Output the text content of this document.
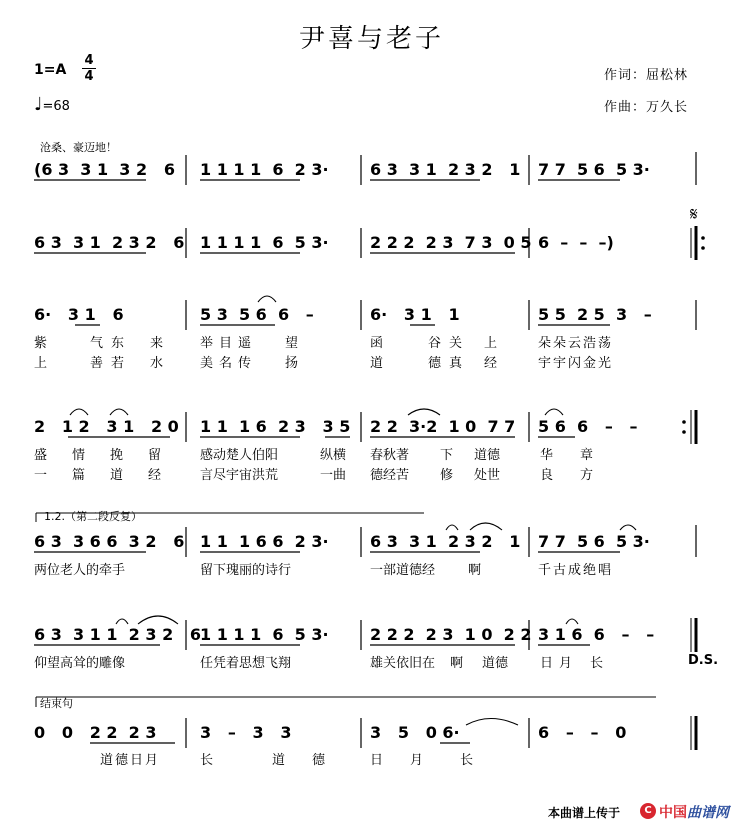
尹喜与老子
1=A
4
4
♩=68
作词：屈松林
作曲：万久长
沧桑、豪迈地！
1.2.（第二段反复）
结束句
𝄋
D.S.
(6 3  3 1  3 2   6 1 1 1 1  6  2 3·	6 3  3 1  2 3 2   1 7 7  5 6  5 3·
6 3  3 1  2 3 2   6 1 1 1 1  6  5 3·	2 2 2  2 3  7 3  0 5 6  –  –  –)
6·   3 1   6	5 3  5 6  6   –	6·   3 1   1	5 5  2 5  3   –
2   1 2   3 1   2 0 1 1  1 6  2 3   3 5 2 2  3·2  1 0  7 7 5 6  6   –   –
6 3  3 6 6  3 2   6 1 1  1 6 6  2 3·	6 3  3 1  2 3 2   1 7 7  5 6  5 3·
6 3  3 1 1  2 3 2   6
1 1 1 1  6  5 3·	2 2 2  2 3  1 0  2 2 3 1 6  6   –   –
0   0   2 2  2 3	3   –   3   3	3   5   0 6·	6   –   –   0
紫	气东 来	举目遥 望	函	谷关 上	朵朵云浩荡
上	善若 水	美名传 扬	道	德真 经	宇宇闪金光
盛 情 挽 留	感动楚人伯阳	纵横 春秋著 下 道德	华 章
一 篇 道 经	言尽宇宙洪荒	一曲 德经苦 修 处世	良 方
两位老人的牵手	留下瑰丽的诗行	一部道德经	啊	千古成绝唱
仰望高耸的雕像	任凭着思想飞翔	雄关依旧在 啊 道德 日月 长
道德日月	长	道 德	日 月	长
本曲谱上传于	C 中国曲谱网
